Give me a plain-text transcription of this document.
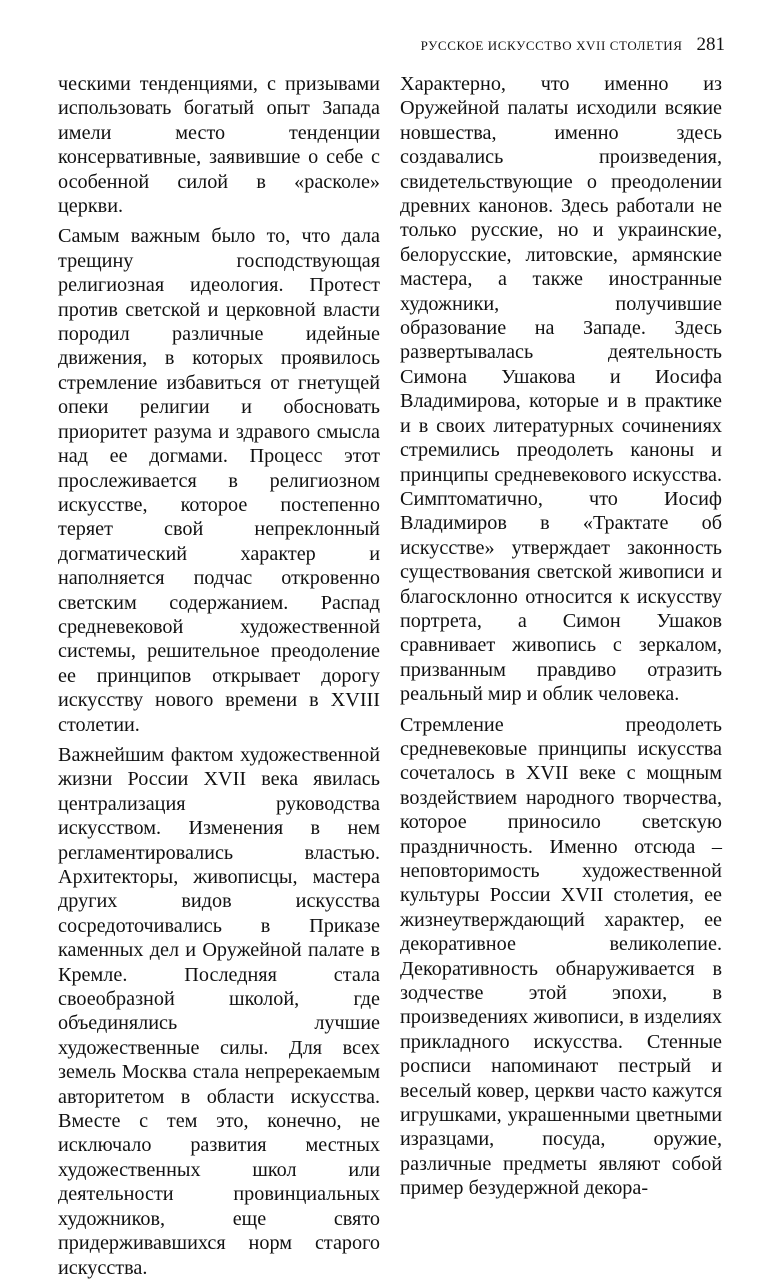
РУССКОЕ ИСКУССТВО XVII СТОЛЕТИЯ 281

ческими тенденциями, с призывами использовать богатый опыт Запада имели место тенденции консервативные, заявившие о себе с особенной силой в «расколе» церкви.

Самым важным было то, что дала трещину господствующая религиозная идеология. Протест против светской и церковной власти породил различные идейные движения, в которых проявилось стремление избавиться от гнетущей опеки религии и обосновать приоритет разума и здравого смысла над ее догмами. Процесс этот прослеживается в религиозном искусстве, которое постепенно теряет свой непреклонный догматический характер и наполняется подчас откровенно светским содержанием. Распад средневековой художественной системы, решительное преодоление ее принципов открывает дорогу искусству нового времени в XVIII столетии.

Важнейшим фактом художественной жизни России XVII века явилась централизация руководства искусством. Изменения в нем регламентировались властью. Архитекторы, живописцы, мастера других видов искусства сосредоточивались в Приказе каменных дел и Оружейной палате в Кремле. Последняя стала своеобразной школой, где объединялись лучшие художественные силы. Для всех земель Москва стала непререкаемым авторитетом в области искусства. Вместе с тем это, конечно, не исключало развития местных художественных школ или деятельности провинциальных художников, еще свято придерживавшихся норм старого искусства.

Характерно, что именно из Оружейной палаты исходили всякие новшества, именно здесь создавались произведения, свидетельствующие о преодолении древних канонов. Здесь работали не только русские, но и украинские, белорусские, литовские, армянские мастера, а также иностранные художники, получившие образование на Западе. Здесь развертывалась деятельность Симона Ушакова и Иосифа Владимирова, которые и в практике и в своих литературных сочинениях стремились преодолеть каноны и принципы средневекового искусства. Симптоматично, что Иосиф Владимиров в «Трактате об искусстве» утверждает законность существования светской живописи и благосклонно относится к искусству портрета, а Симон Ушаков сравнивает живопись с зеркалом, призванным правдиво отразить реальный мир и облик человека.

Стремление преодолеть средневековые принципы искусства сочеталось в XVII веке с мощным воздействием народного творчества, которое приносило светскую праздничность. Именно отсюда – неповторимость художественной культуры России XVII столетия, ее жизнеутверждающий характер, ее декоративное великолепие. Декоративность обнаруживается в зодчестве этой эпохи, в произведениях живописи, в изделиях прикладного искусства. Стенные росписи напоминают пестрый и веселый ковер, церкви часто кажутся игрушками, украшенными цветными изразцами, посуда, оружие, различные предметы являют собой пример безудержной декора-
